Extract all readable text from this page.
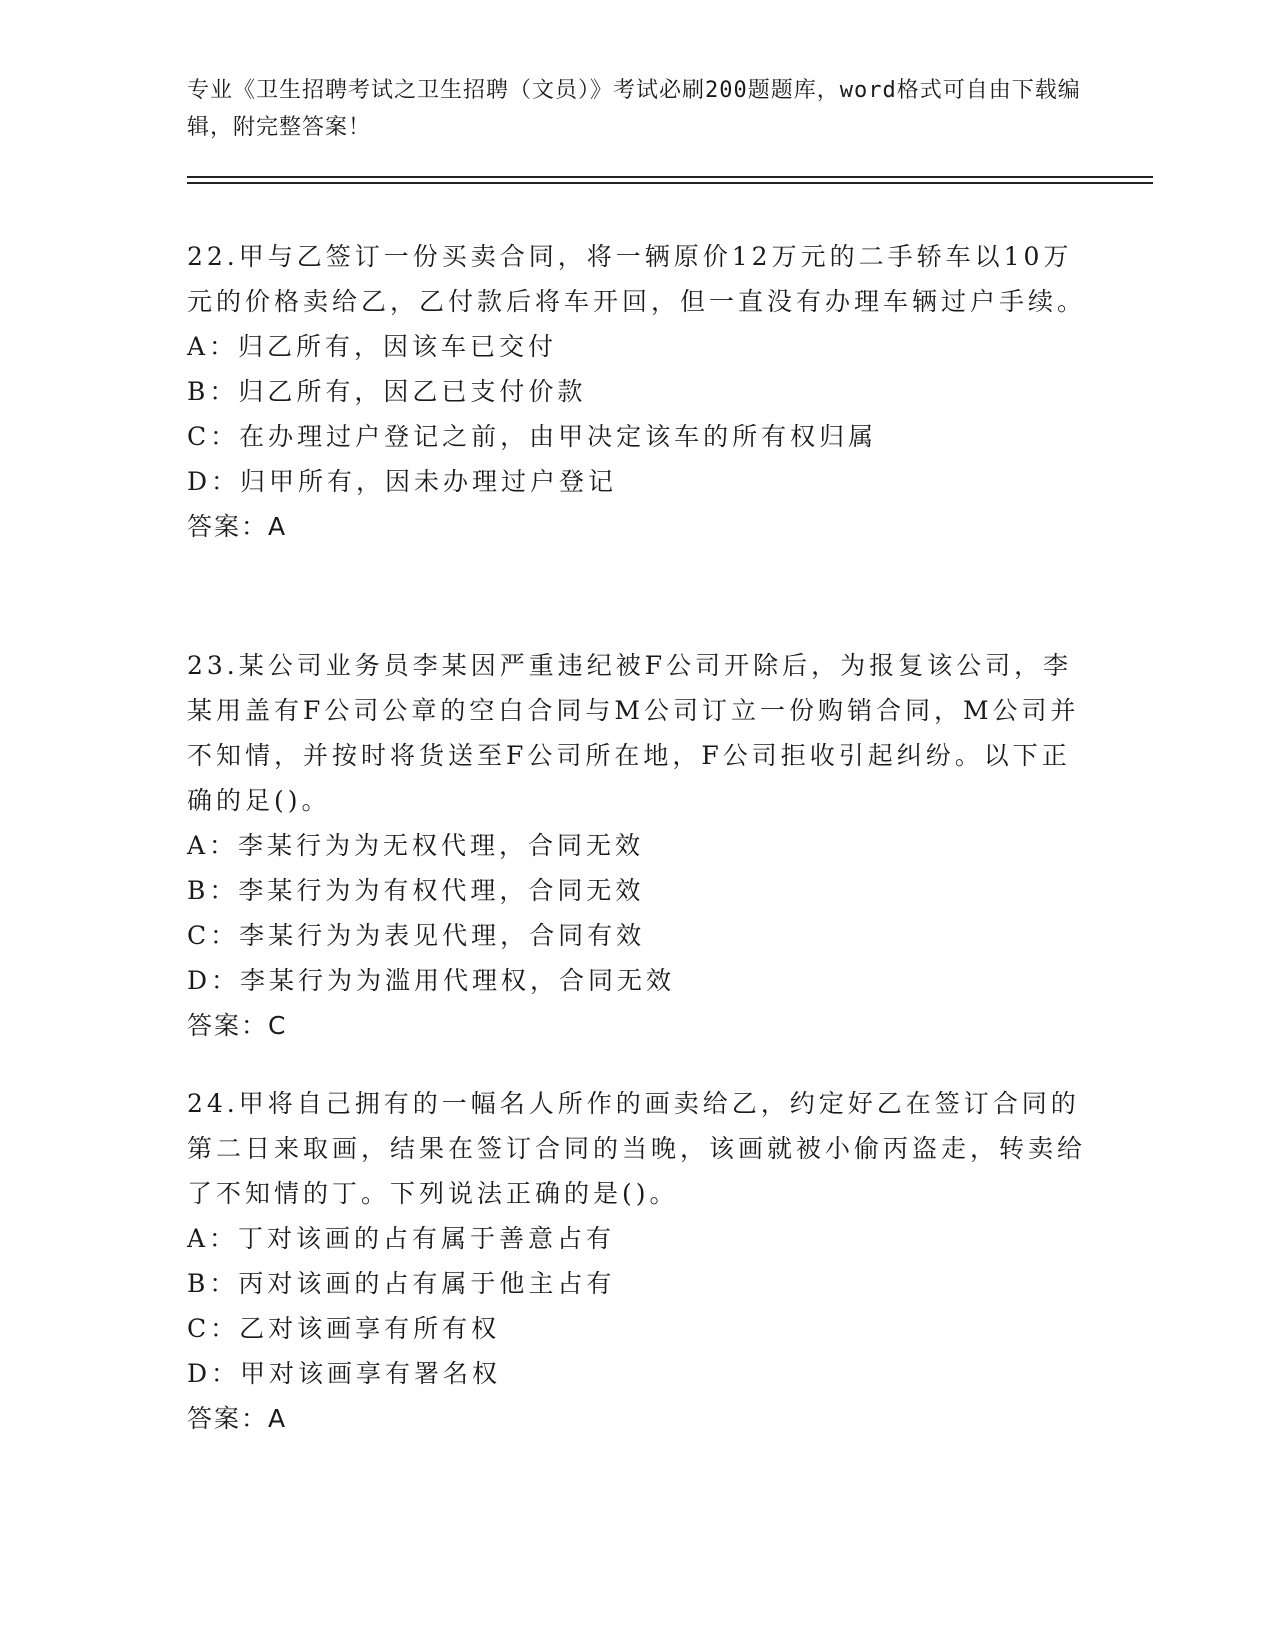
专业《卫生招聘考试之卫生招聘（文员）》考试必刷200题题库，word格式可自由下载编辑，附完整答案！
22.甲与乙签订一份买卖合同，将一辆原价12万元的二手轿车以10万元的价格卖给乙，乙付款后将车开回，但一直没有办理车辆过户手续。
A：归乙所有，因该车已交付
B：归乙所有，因乙已支付价款
C：在办理过户登记之前，由甲决定该车的所有权归属
D：归甲所有，因未办理过户登记
答案：A
23.某公司业务员李某因严重违纪被F公司开除后，为报复该公司，李某用盖有F公司公章的空白合同与M公司订立一份购销合同，M公司并不知情，并按时将货送至F公司所在地，F公司拒收引起纠纷。以下正确的足()。
A：李某行为为无权代理，合同无效
B：李某行为为有权代理，合同无效
C：李某行为为表见代理，合同有效
D：李某行为为滥用代理权，合同无效
答案：C
24.甲将自己拥有的一幅名人所作的画卖给乙，约定好乙在签订合同的第二日来取画，结果在签订合同的当晚，该画就被小偷丙盗走，转卖给了不知情的丁。下列说法正确的是()。
A：丁对该画的占有属于善意占有
B：丙对该画的占有属于他主占有
C：乙对该画享有所有权
D：甲对该画享有署名权
答案：A
